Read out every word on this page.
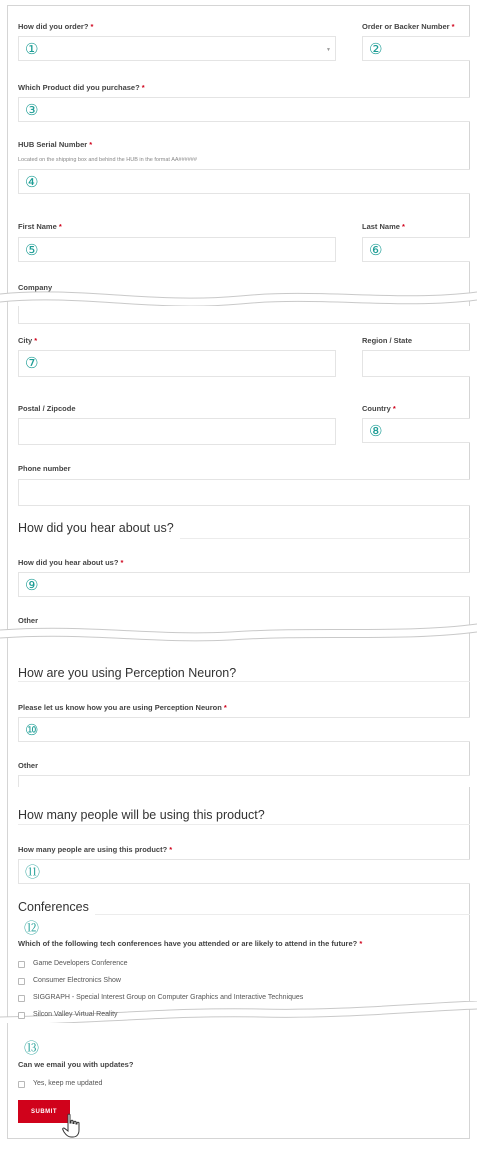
How did you order? *
①	▼
Order or Backer Number *
②
Which Product did you purchase? *
③
HUB Serial Number *
Located on the shipping box and behind the HUB in the format AA######
④
First Name *
⑤
Last Name *
⑥
Company
City *
⑦
Region / State
Postal / Zipcode	Country *
⑧
Phone number
How did you hear about us?
How did you hear about us? *
⑨
Other
How are you using Perception Neuron?
Please let us know how you are using Perception Neuron *
⑩
Other
How many people will be using this product?
How many people are using this product? *
⑪
Conferences
⑫
Which of the following tech conferences have you attended or are likely to attend in the future? *
Game Developers Conference
Consumer Electronics Show
SIGGRAPH - Special Interest Group on Computer Graphics and Interactive Techniques
Silcon Valley Virtual Reality
⑬
Can we email you with updates?
Yes, keep me updated
SUBMIT
